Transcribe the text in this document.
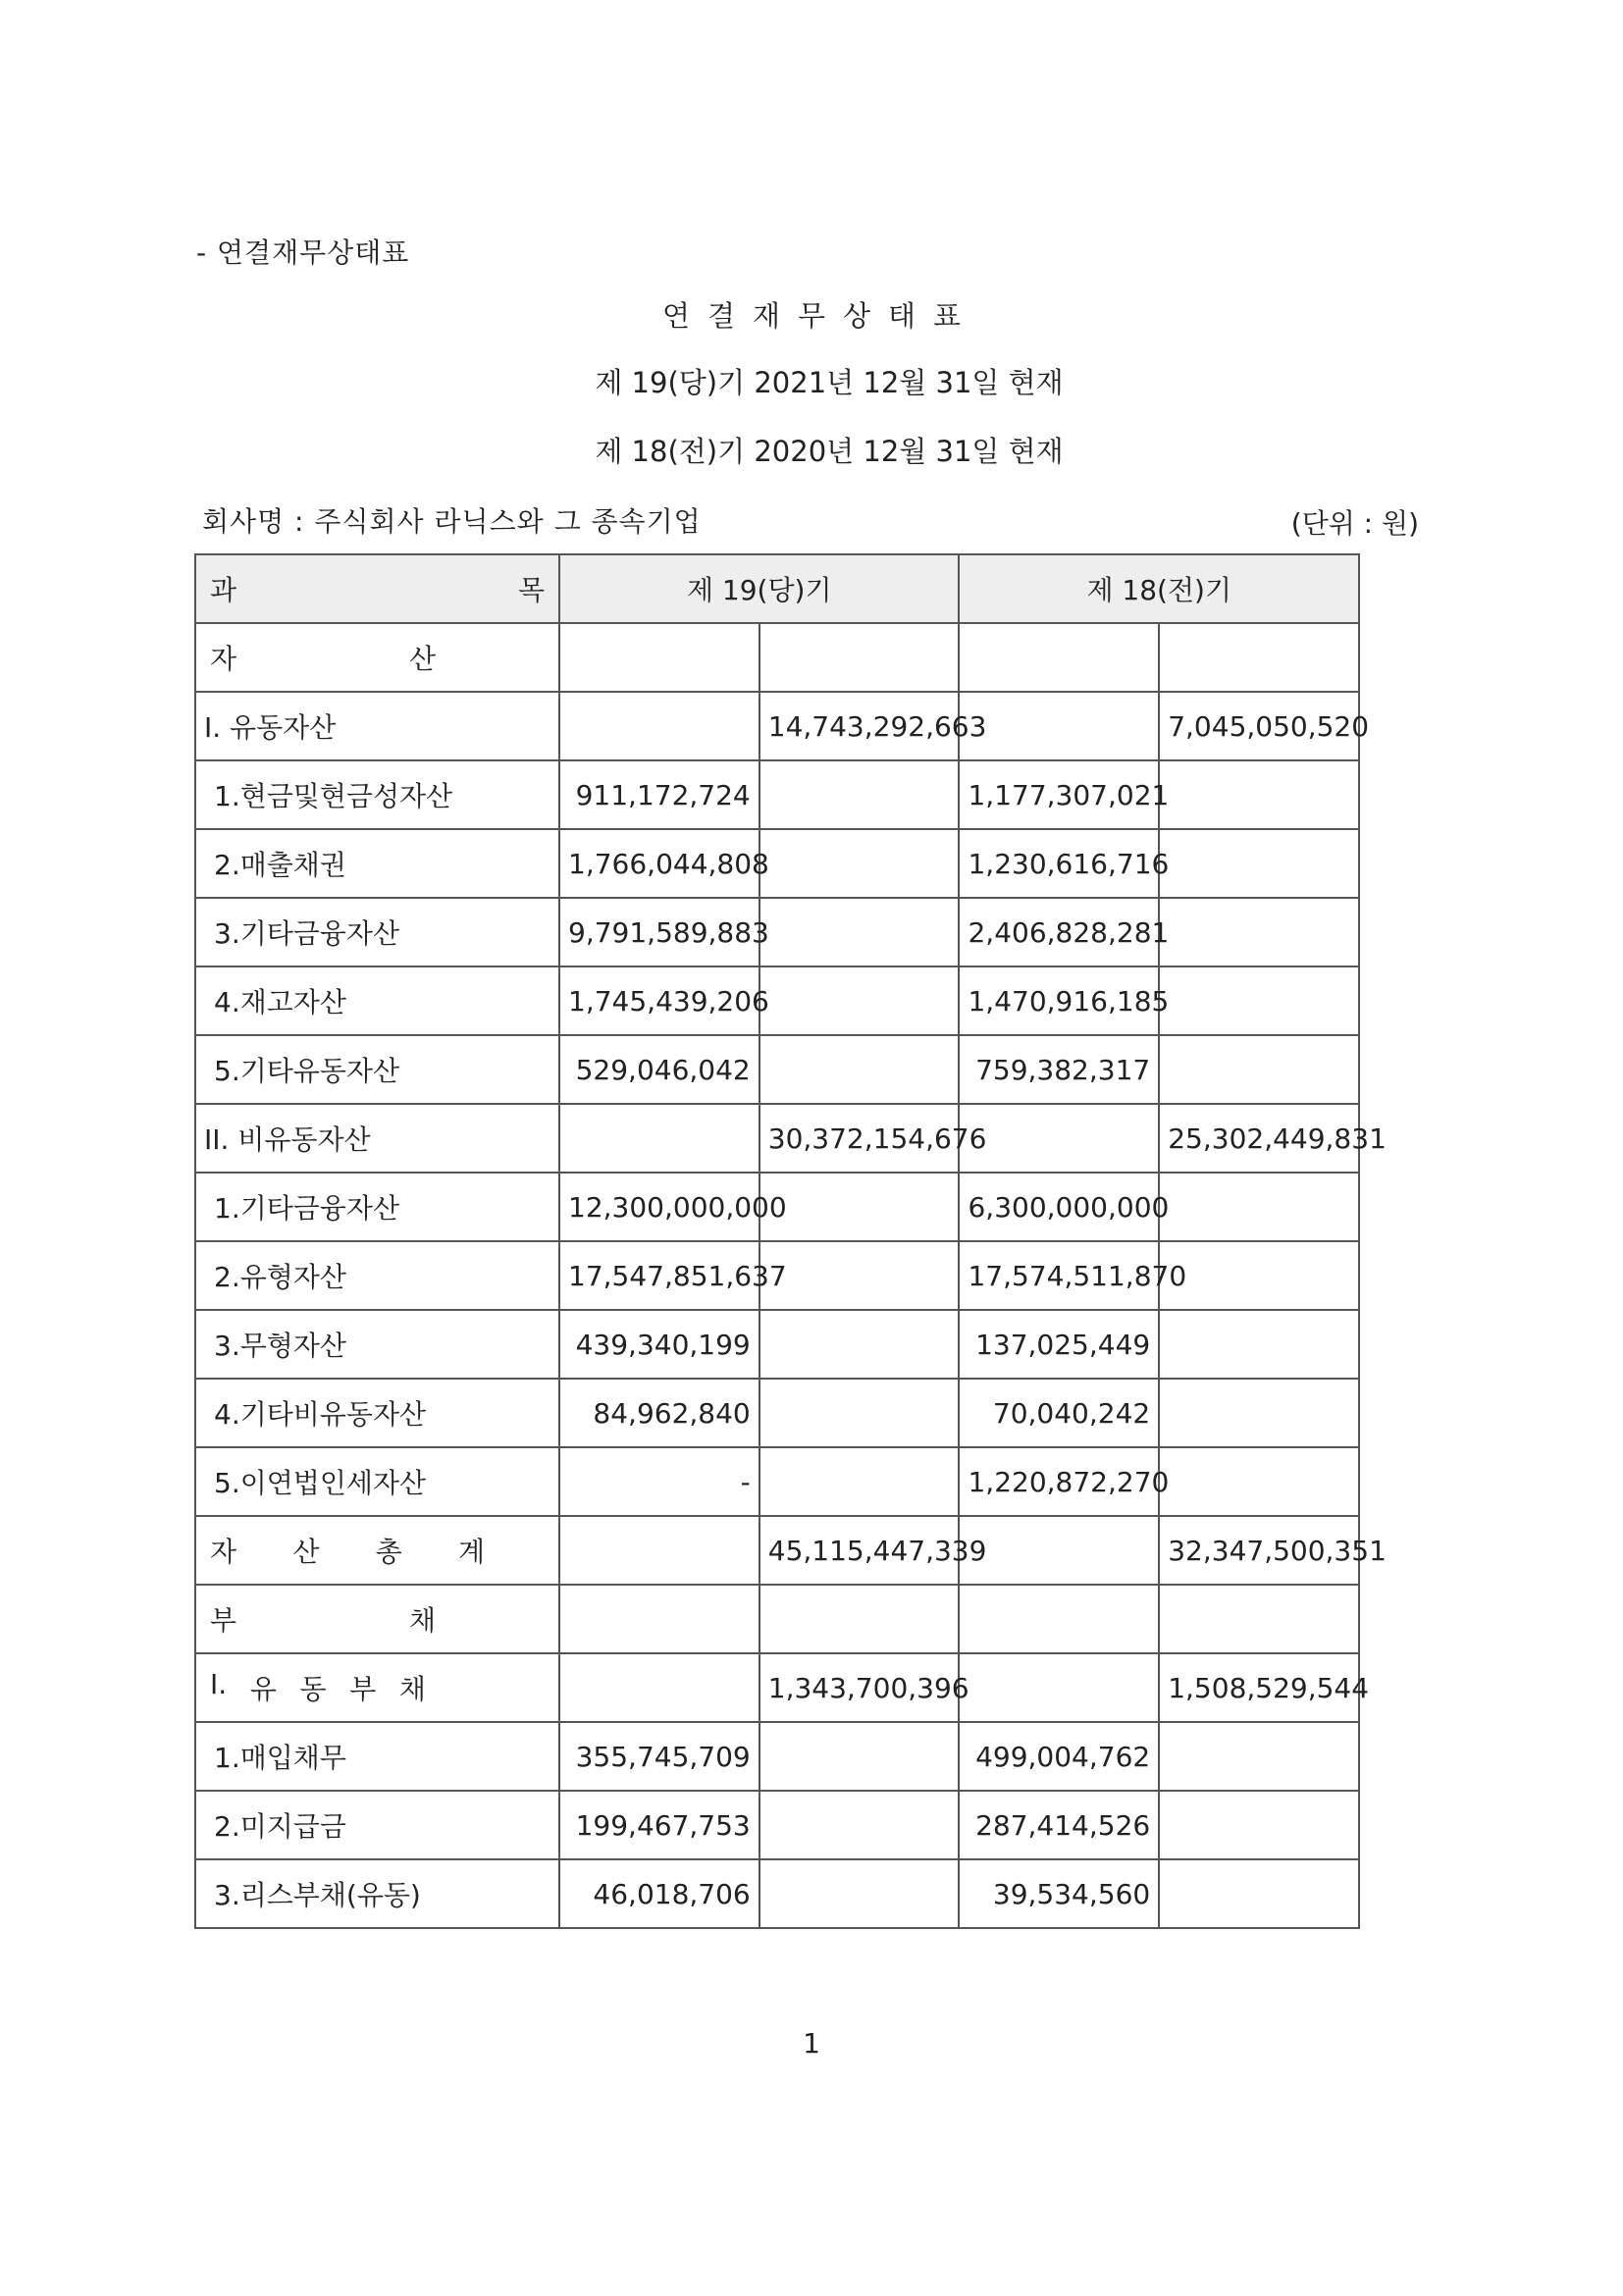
- 연결재무상태표
연결재무상태표
제 19(당)기 2021년 12월 31일 현재
제 18(전)기 2020년 12월 31일 현재
회사명 : 주식회사 라닉스와 그 종속기업	(단위 : 원)
과 목	제 19(당)기		제 18(전)기	

자 산				

I. 유동자산		14,743,292,663		7,045,050,520
1.현금및현금성자산	911,172,724		1,177,307,021	
2.매출채권	1,766,044,808		1,230,616,716	
3.기타금융자산	9,791,589,883		2,406,828,281	
4.재고자산	1,745,439,206		1,470,916,185	
5.기타유동자산	529,046,042		759,382,317	
II. 비유동자산		30,372,154,676		25,302,449,831
1.기타금융자산	12,300,000,000		6,300,000,000	
2.유형자산	17,547,851,637		17,574,511,870	
3.무형자산	439,340,199		137,025,449	
4.기타비유동자산	84,962,840		70,040,242	
5.이연법인세자산	-		1,220,872,270	

자 산 총 계		45,115,447,339		32,347,500,351

부 채				

I. 유 동 부 채		1,343,700,396		1,508,529,544
1.매입채무	355,745,709		499,004,762	
2.미지급금	199,467,753		287,414,526	
3.리스부채(유동)	46,018,706		39,534,560	
1
